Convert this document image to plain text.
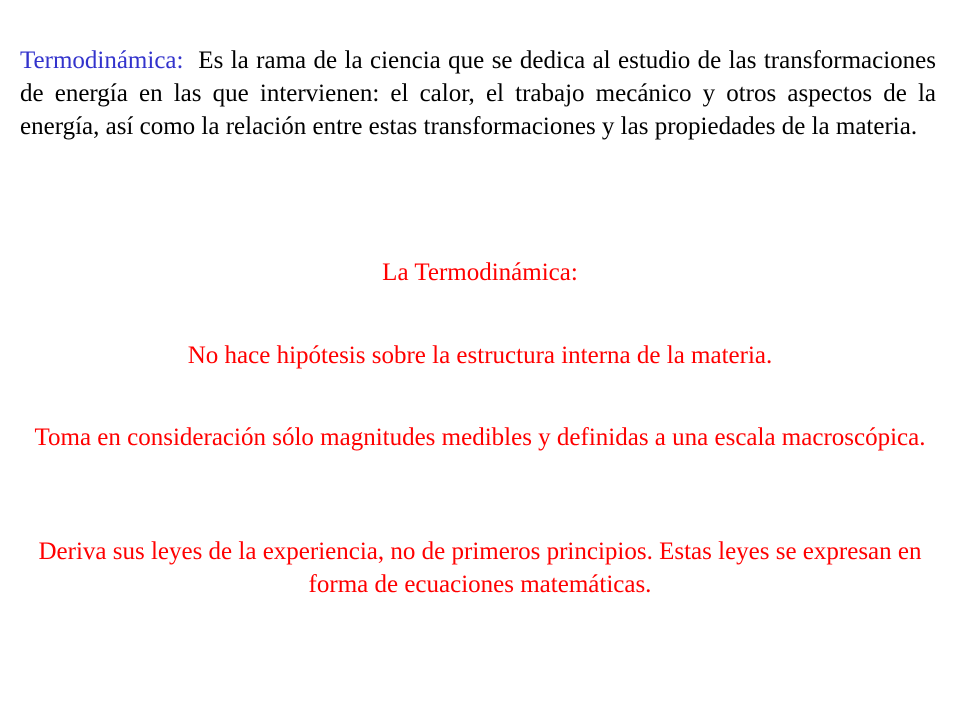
Termodinámica: Es la rama de la ciencia que se dedica al estudio de las transformaciones de energía en las que intervienen: el calor, el trabajo mecánico y otros aspectos de la energía, así como la relación entre estas transformaciones y las propiedades de la materia.

La Termodinámica:

No hace hipótesis sobre la estructura interna de la materia.

Toma en consideración sólo magnitudes medibles y definidas a una escala macroscópica.

Deriva sus leyes de la experiencia, no de primeros principios. Estas leyes se expresan en forma de ecuaciones matemáticas.
